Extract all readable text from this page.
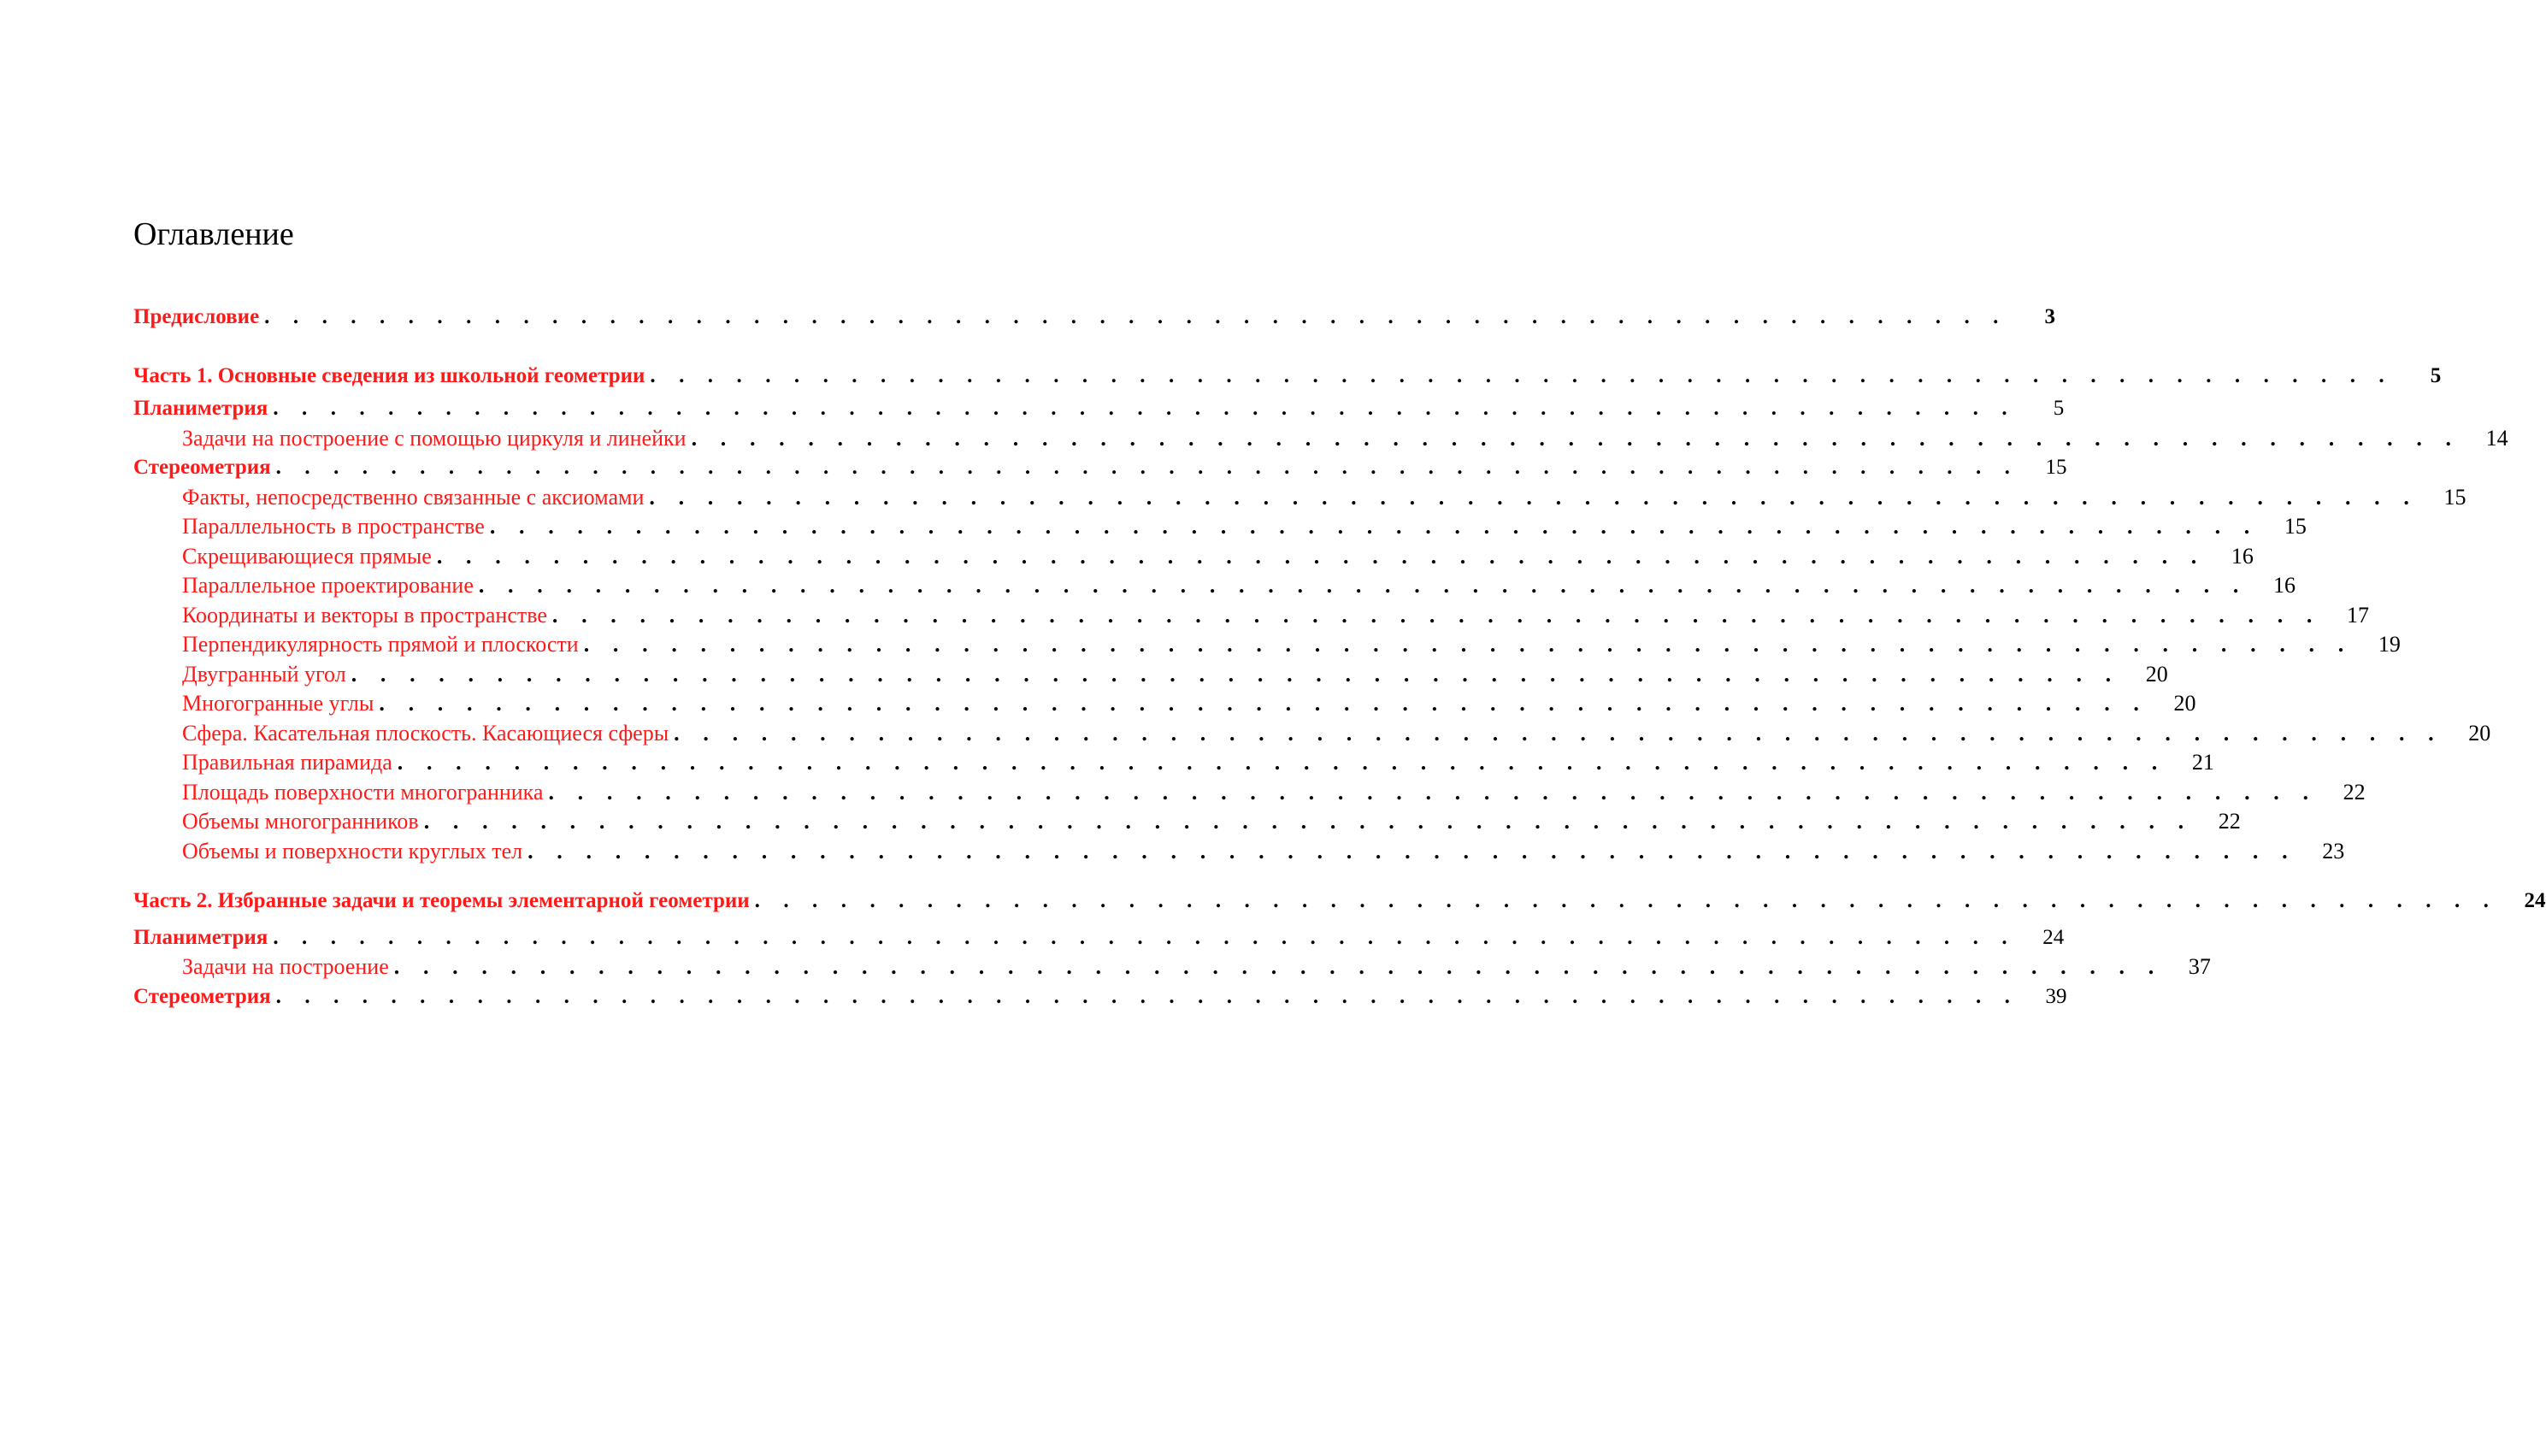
Оглавление
Предисловие . . . . . . . . . . . . . . . . . . . . . . . . . . . . . . . . . . . . . . . . . . . . . . . . . . . . . . . . . . . . .	3
Часть 1. Основные сведения из школьной геометрии . . . . . . . . . . . . . . . . . . . . . . . . . . . . . . . . . . . . . . . . . . . . . . . . . . . . . . . . . . . . .	5
Планиметрия . . . . . . . . . . . . . . . . . . . . . . . . . . . . . . . . . . . . . . . . . . . . . . . . . . . . . . . . . . . . .	5
Задачи на построение с помощью циркуля и линейки . . . . . . . . . . . . . . . . . . . . . . . . . . . . . . . . . . . . . . . . . . . . . . . . . . . . . . . . . . . . .	14
Стереометрия . . . . . . . . . . . . . . . . . . . . . . . . . . . . . . . . . . . . . . . . . . . . . . . . . . . . . . . . . . . . .	15
Факты, непосредственно связанные с аксиомами . . . . . . . . . . . . . . . . . . . . . . . . . . . . . . . . . . . . . . . . . . . . . . . . . . . . . . . . . . . . .	15
Параллельность в пространстве . . . . . . . . . . . . . . . . . . . . . . . . . . . . . . . . . . . . . . . . . . . . . . . . . . . . . . . . . . . . .	15
Скрещивающиеся прямые . . . . . . . . . . . . . . . . . . . . . . . . . . . . . . . . . . . . . . . . . . . . . . . . . . . . . . . . . . . . .	16
Параллельное проектирование . . . . . . . . . . . . . . . . . . . . . . . . . . . . . . . . . . . . . . . . . . . . . . . . . . . . . . . . . . . . .	16
Координаты и векторы в пространстве . . . . . . . . . . . . . . . . . . . . . . . . . . . . . . . . . . . . . . . . . . . . . . . . . . . . . . . . . . . . .	17
Перпендикулярность прямой и плоскости . . . . . . . . . . . . . . . . . . . . . . . . . . . . . . . . . . . . . . . . . . . . . . . . . . . . . . . . . . . . .	19
Двугранный угол . . . . . . . . . . . . . . . . . . . . . . . . . . . . . . . . . . . . . . . . . . . . . . . . . . . . . . . . . . . . .	20
Многогранные углы . . . . . . . . . . . . . . . . . . . . . . . . . . . . . . . . . . . . . . . . . . . . . . . . . . . . . . . . . . . . .	20
Сфера. Касательная плоскость. Касающиеся сферы . . . . . . . . . . . . . . . . . . . . . . . . . . . . . . . . . . . . . . . . . . . . . . . . . . . . . . . . . . . . .	20
Правильная пирамида . . . . . . . . . . . . . . . . . . . . . . . . . . . . . . . . . . . . . . . . . . . . . . . . . . . . . . . . . . . . .	21
Площадь поверхности многогранника . . . . . . . . . . . . . . . . . . . . . . . . . . . . . . . . . . . . . . . . . . . . . . . . . . . . . . . . . . . . .	22
Объемы многогранников . . . . . . . . . . . . . . . . . . . . . . . . . . . . . . . . . . . . . . . . . . . . . . . . . . . . . . . . . . . . .	22
Объемы и поверхности круглых тел . . . . . . . . . . . . . . . . . . . . . . . . . . . . . . . . . . . . . . . . . . . . . . . . . . . . . . . . . . . . .	23
Часть 2. Избранные задачи и теоремы элементарной геометрии . . . . . . . . . . . . . . . . . . . . . . . . . . . . . . . . . . . . . . . . . . . . . . . . . . . . . . . . . . . . .	24
Планиметрия . . . . . . . . . . . . . . . . . . . . . . . . . . . . . . . . . . . . . . . . . . . . . . . . . . . . . . . . . . . . .	24
Задачи на построение . . . . . . . . . . . . . . . . . . . . . . . . . . . . . . . . . . . . . . . . . . . . . . . . . . . . . . . . . . . . .	37
Стереометрия . . . . . . . . . . . . . . . . . . . . . . . . . . . . . . . . . . . . . . . . . . . . . . . . . . . . . . . . . . . . .	39
